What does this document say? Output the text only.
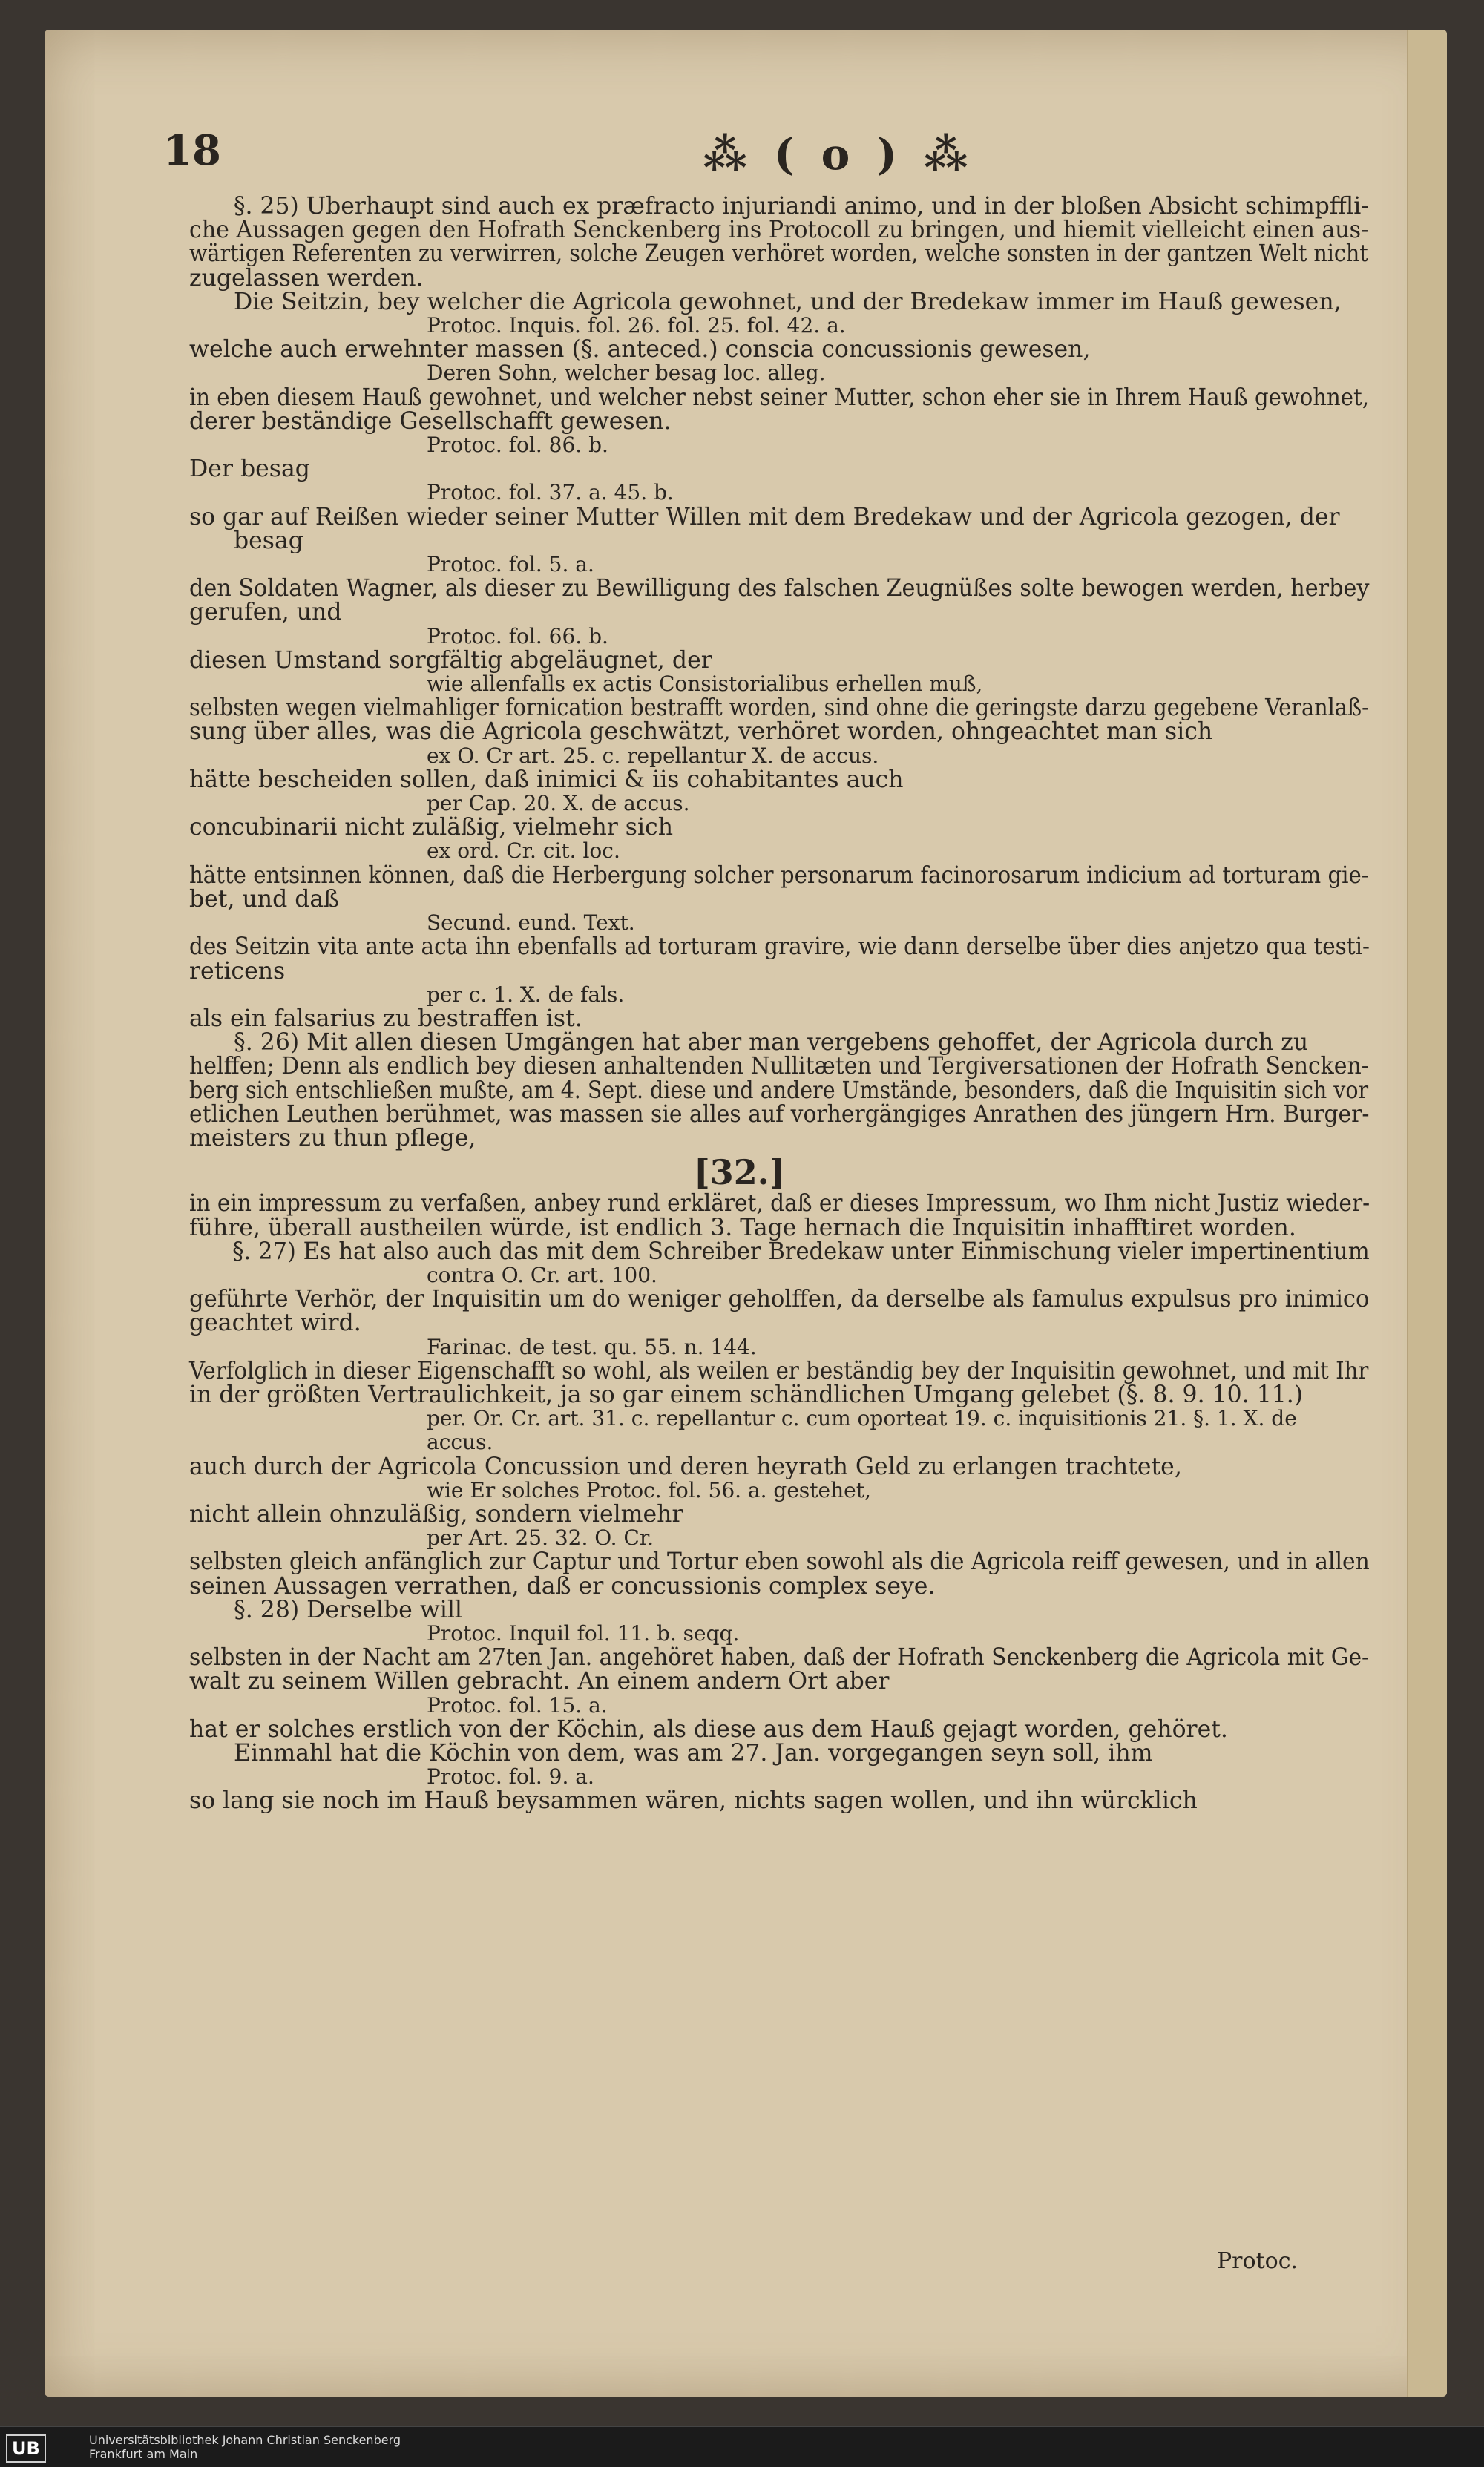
18	⁂ ( o ) ⁂

§. 25) Uberhaupt sind auch ex præfracto injuriandi animo, und in der bloßen Absicht schimpffli-

che Aussagen gegen den Hofrath Senckenberg ins Protocoll zu bringen, und hiemit vielleicht einen aus-

wärtigen Referenten zu verwirren, solche Zeugen verhöret worden, welche sonsten in der gantzen Welt nicht

zugelassen werden.

Die Seitzin, bey welcher die Agricola gewohnet, und der Bredekaw immer im Hauß gewesen,

Protoc. Inquis. fol. 26. fol. 25. fol. 42. a.

welche auch erwehnter massen (§. anteced.) conscia concussionis gewesen,

Deren Sohn, welcher besag loc. alleg.

in eben diesem Hauß gewohnet, und welcher nebst seiner Mutter, schon eher sie in Ihrem Hauß gewohnet,

derer beständige Gesellschafft gewesen.

Protoc. fol. 86. b.

Der besag

Protoc. fol. 37. a. 45. b.

so gar auf Reißen wieder seiner Mutter Willen mit dem Bredekaw und der Agricola gezogen, der

besag

Protoc. fol. 5. a.

den Soldaten Wagner, als dieser zu Bewilligung des falschen Zeugnüßes solte bewogen werden, herbey

gerufen, und

Protoc. fol. 66. b.

diesen Umstand sorgfältig abgeläugnet, der

wie allenfalls ex actis Consistorialibus erhellen muß,

selbsten wegen vielmahliger fornication bestrafft worden, sind ohne die geringste darzu gegebene Veranlaß-

sung über alles, was die Agricola geschwätzt, verhöret worden, ohngeachtet man sich

ex O. Cr art. 25. c. repellantur X. de accus.

hätte bescheiden sollen, daß inimici & iis cohabitantes auch

per Cap. 20. X. de accus.

concubinarii nicht zuläßig, vielmehr sich

ex ord. Cr. cit. loc.

hätte entsinnen können, daß die Herbergung solcher personarum facinorosarum indicium ad torturam gie-

bet, und daß

Secund. eund. Text.

des Seitzin vita ante acta ihn ebenfalls ad torturam gravire, wie dann derselbe über dies anjetzo qua testi-

reticens

per c. 1. X. de fals.

als ein falsarius zu bestraffen ist.

§. 26) Mit allen diesen Umgängen hat aber man vergebens gehoffet, der Agricola durch zu

helffen; Denn als endlich bey diesen anhaltenden Nullitæten und Tergiversationen der Hofrath Sencken-

berg sich entschließen mußte, am 4. Sept. diese und andere Umstände, besonders, daß die Inquisitin sich vor

etlichen Leuthen berühmet, was massen sie alles auf vorhergängiges Anrathen des jüngern Hrn. Burger-

meisters zu thun pflege,

[32.]

in ein impressum zu verfaßen, anbey rund erkläret, daß er dieses Impressum, wo Ihm nicht Justiz wieder-

führe, überall austheilen würde, ist endlich 3. Tage hernach die Inquisitin inhafftiret worden.

§. 27) Es hat also auch das mit dem Schreiber Bredekaw unter Einmischung vieler impertinentium

contra O. Cr. art. 100.

geführte Verhör, der Inquisitin um do weniger geholffen, da derselbe als famulus expulsus pro inimico

geachtet wird.

Farinac. de test. qu. 55. n. 144.

Verfolglich in dieser Eigenschafft so wohl, als weilen er beständig bey der Inquisitin gewohnet, und mit Ihr

in der größten Vertraulichkeit, ja so gar einem schändlichen Umgang gelebet (§. 8. 9. 10. 11.)

per. Or. Cr. art. 31. c. repellantur c. cum oporteat 19. c. inquisitionis 21. §. 1. X. de

accus.

auch durch der Agricola Concussion und deren heyrath Geld zu erlangen trachtete,

wie Er solches Protoc. fol. 56. a. gestehet,

nicht allein ohnzuläßig, sondern vielmehr

per Art. 25. 32. O. Cr.

selbsten gleich anfänglich zur Captur und Tortur eben sowohl als die Agricola reiff gewesen, und in allen

seinen Aussagen verrathen, daß er concussionis complex seye.

§. 28) Derselbe will

Protoc. Inquil fol. 11. b. seqq.

selbsten in der Nacht am 27ten Jan. angehöret haben, daß der Hofrath Senckenberg die Agricola mit Ge-

walt zu seinem Willen gebracht. An einem andern Ort aber

Protoc. fol. 15. a.

hat er solches erstlich von der Köchin, als diese aus dem Hauß gejagt worden, gehöret.

Einmahl hat die Köchin von dem, was am 27. Jan. vorgegangen seyn soll, ihm

Protoc. fol. 9. a.

so lang sie noch im Hauß beysammen wären, nichts sagen wollen, und ihn würcklich

Protoc.
UB	Universitätsbibliothek Johann Christian Senckenberg
Frankfurt am Main
